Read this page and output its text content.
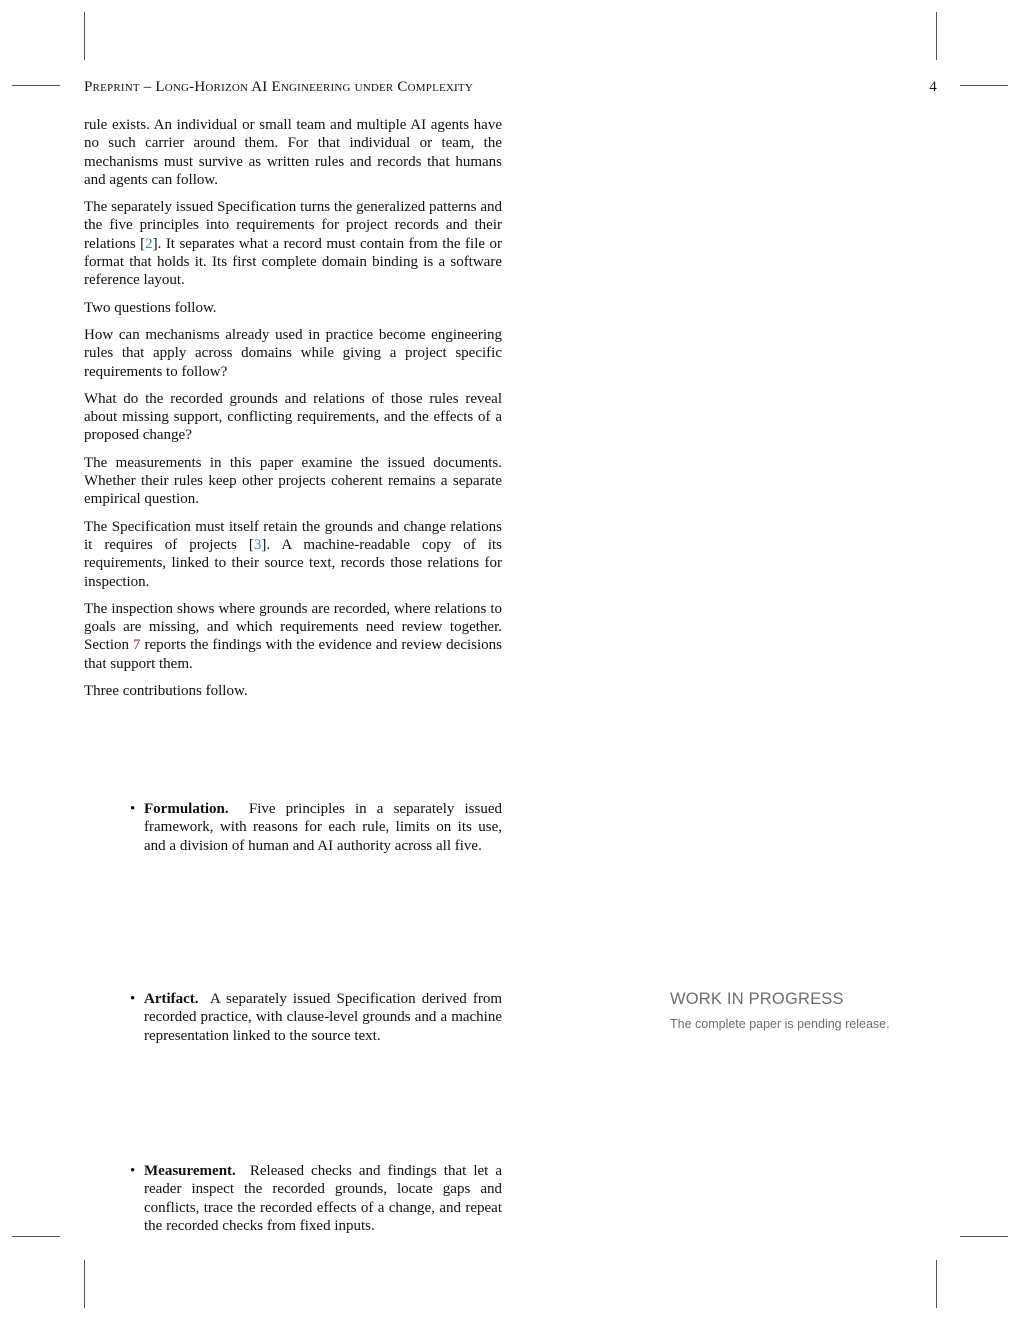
Preprint – Long-Horizon AI Engineering under Complexity	4

rule exists. An individual or small team and multiple AI agents have no such carrier around them. For that individual or team, the mechanisms must survive as written rules and records that humans and agents can follow.

The separately issued Specification turns the generalized patterns and the five principles into requirements for project records and their relations [2]. It separates what a record must contain from the file or format that holds it. Its first complete domain binding is a software reference layout.

Two questions follow.

How can mechanisms already used in practice become engineering rules that apply across domains while giving a project specific requirements to follow?

What do the recorded grounds and relations of those rules reveal about missing support, conflicting requirements, and the effects of a proposed change?

The measurements in this paper examine the issued documents. Whether their rules keep other projects coherent remains a separate empirical question.

The Specification must itself retain the grounds and change relations it requires of projects [3]. A machine-readable copy of its requirements, linked to their source text, records those relations for inspection.

The inspection shows where grounds are recorded, where relations to goals are missing, and which requirements need review together. Section 7 reports the findings with the evidence and review decisions that support them.

Three contributions follow.

• Formulation. Five principles in a separately issued framework, with reasons for each rule, limits on its use, and a division of human and AI authority across all five.
• Artifact. A separately issued Specification derived from recorded practice, with clause-level grounds and a machine representation linked to the source text.
• Measurement. Released checks and findings that let a reader inspect the recorded grounds, locate gaps and conflicts, trace the recorded effects of a change, and repeat the recorded checks from fixed inputs.
WORK IN PROGRESS
The complete paper is pending release.
